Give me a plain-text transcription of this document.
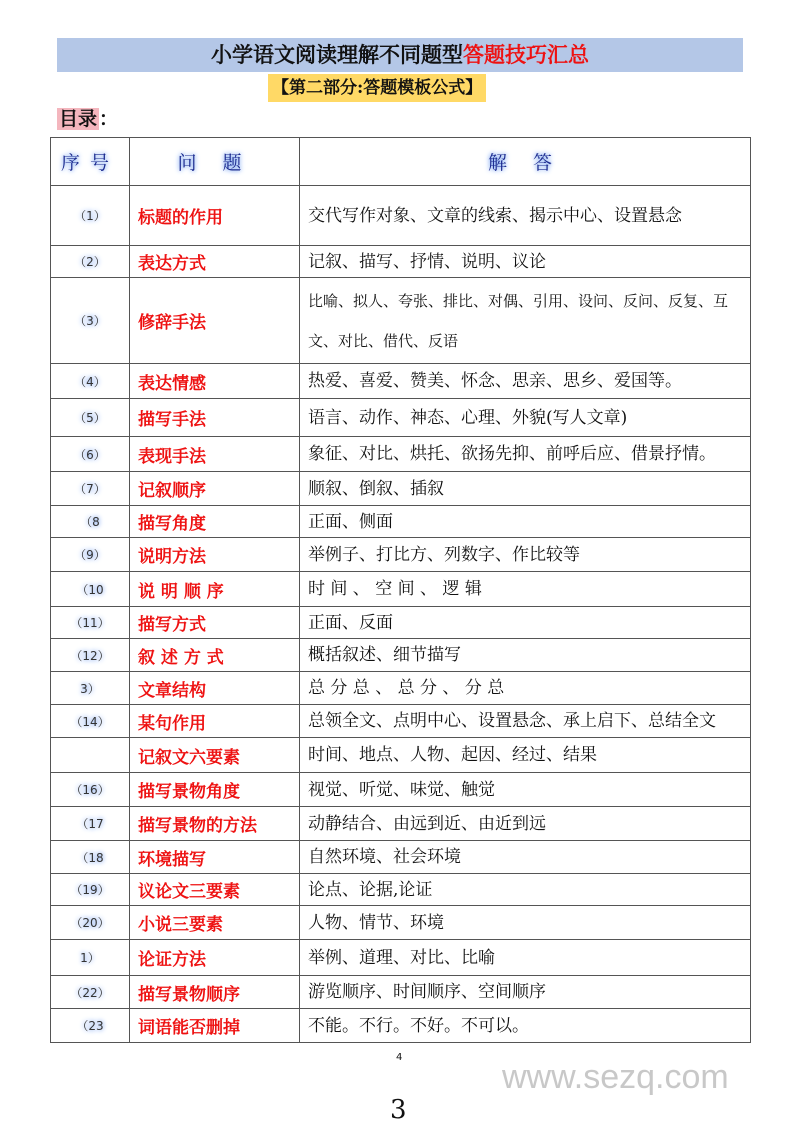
小学语文阅读理解不同题型答题技巧汇总
【第二部分:答题模板公式】
目录 ：
序号	问 题	解 答
（1）	标题的作用	交代写作对象、文章的线索、揭示中心、设置悬念
（2）	表达方式	记叙、描写、抒情、说明、议论
（3）	修辞手法	比喻、拟人、夸张、排比、对偶、引用、设问、反问、反复、互文、对比、借代、反语
（4）	表达情感	热爱、喜爱、赞美、怀念、思亲、思乡、爱国等。
（5）	描写手法	语言、动作、神态、心理、外貌(写人文章)
（6）	表现手法	象征、对比、烘托、欲扬先抑、前呼后应、借景抒情。
（7）	记叙顺序	顺叙、倒叙、插叙
（8	描写角度	正面、侧面
（9）	说明方法	举例子、打比方、列数字、作比较等
（10	说 明 顺 序	时 间 、 空 间 、 逻 辑
（11）	描写方式	正面、反面
（12）	叙 述 方 式	概括叙述、细节描写
3）	文章结构	总 分 总 、 总 分 、 分 总
（14）	某句作用	总领全文、点明中心、设置悬念、承上启下、总结全文
	记叙文六要素	时间、地点、人物、起因、经过、结果
（16）	描写景物角度	视觉、听觉、味觉、触觉
（17	描写景物的方法	动静结合、由远到近、由近到远
（18	环境描写	自然环境、社会环境
（19）	议论文三要素	论点、论据,论证
（20）	小说三要素	人物、情节、环境
1）	论证方法	举例、道理、对比、比喻
（22）	描写景物顺序	游览顺序、时间顺序、空间顺序
（23	词语能否删掉	不能。不行。不好。不可以。
4
www.sezq.com
3
